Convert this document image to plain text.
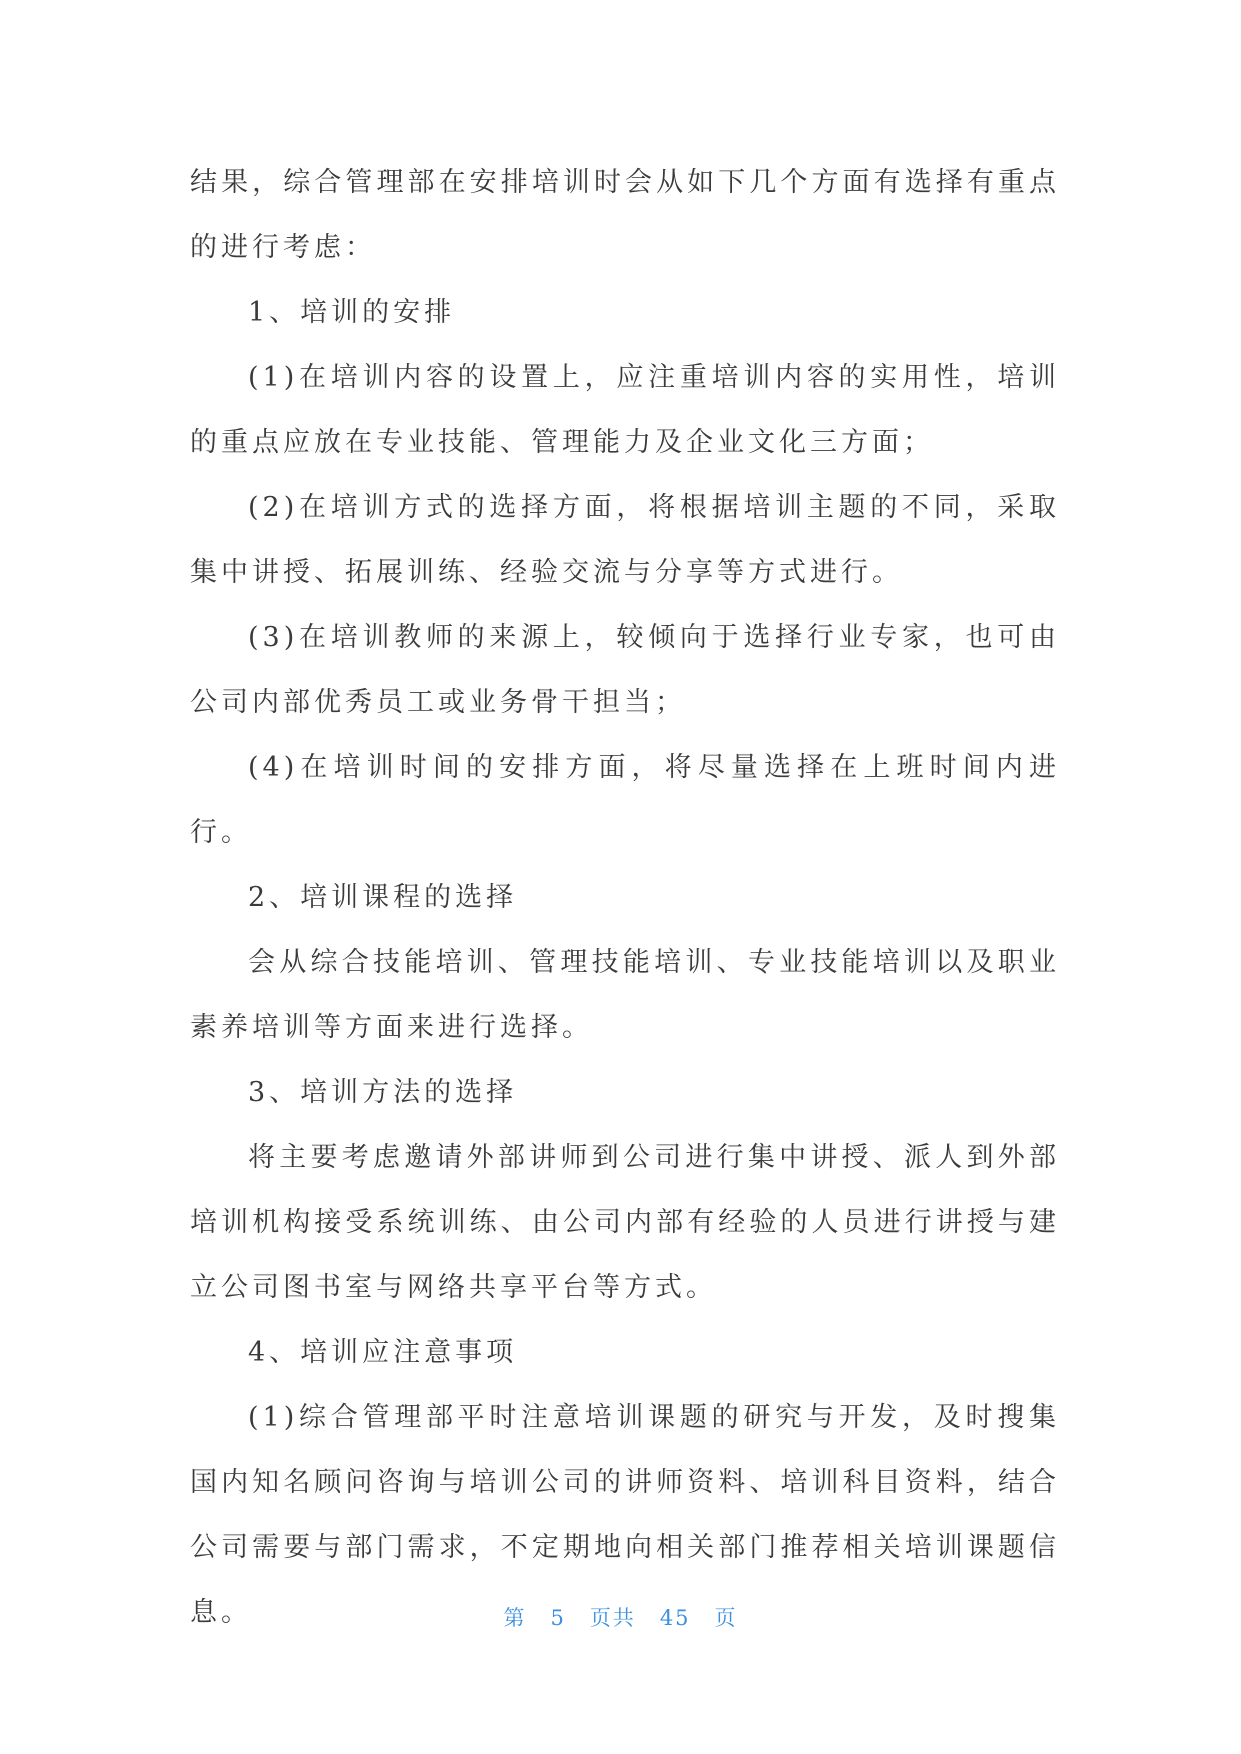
结果，综合管理部在安排培训时会从如下几个方面有选择有重点的进行考虑：

1、培训的安排

(1)在培训内容的设置上，应注重培训内容的实用性，培训的重点应放在专业技能、管理能力及企业文化三方面；

(2)在培训方式的选择方面，将根据培训主题的不同，采取集中讲授、拓展训练、经验交流与分享等方式进行。

(3)在培训教师的来源上，较倾向于选择行业专家，也可由公司内部优秀员工或业务骨干担当；

(4)在培训时间的安排方面，将尽量选择在上班时间内进行。

2、培训课程的选择

会从综合技能培训、管理技能培训、专业技能培训以及职业素养培训等方面来进行选择。

3、培训方法的选择

将主要考虑邀请外部讲师到公司进行集中讲授、派人到外部培训机构接受系统训练、由公司内部有经验的人员进行讲授与建立公司图书室与网络共享平台等方式。

4、培训应注意事项

(1)综合管理部平时注意培训课题的研究与开发，及时搜集国内知名顾问咨询与培训公司的讲师资料、培训科目资料，结合公司需要与部门需求，不定期地向相关部门推荐相关培训课题信息。	第 5 页共 45 页
